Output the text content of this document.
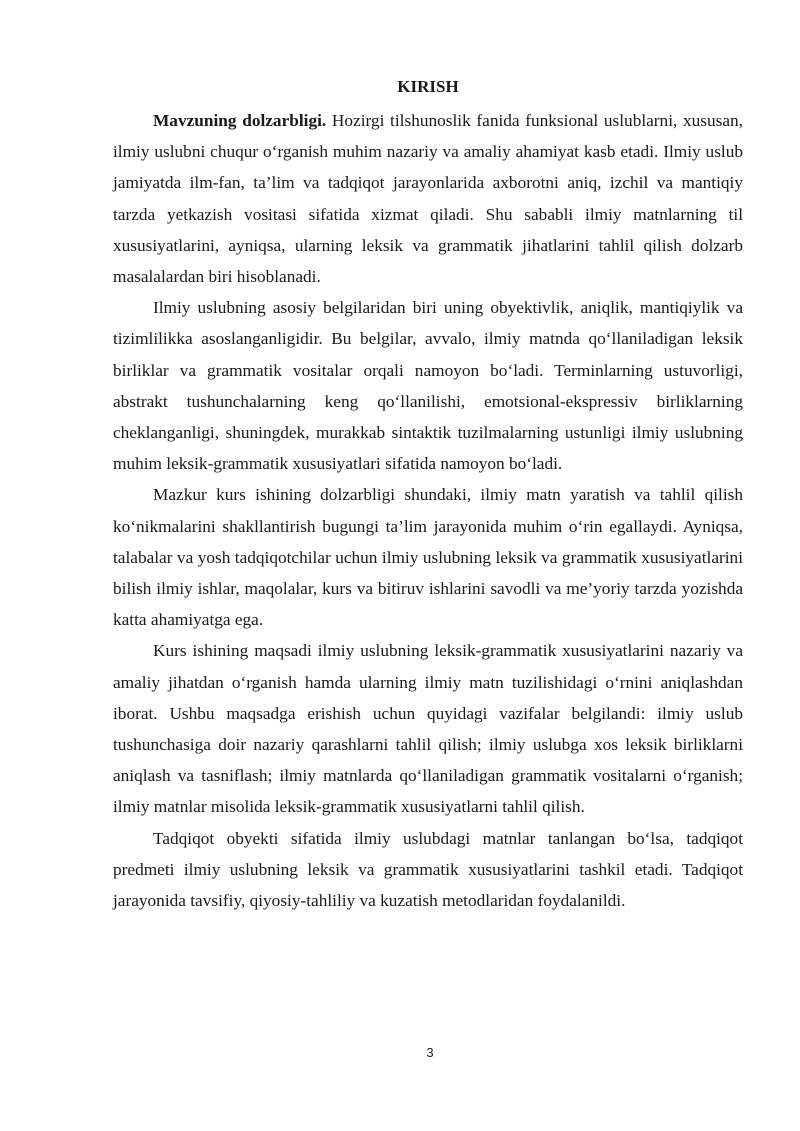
KIRISH

Mavzuning dolzarbligi. Hozirgi tilshunoslik fanida funksional uslublarni, xususan, ilmiy uslubni chuqur o‘rganish muhim nazariy va amaliy ahamiyat kasb etadi. Ilmiy uslub jamiyatda ilm-fan, ta’lim va tadqiqot jarayonlarida axborotni aniq, izchil va mantiqiy tarzda yetkazish vositasi sifatida xizmat qiladi. Shu sababli ilmiy matnlarning til xususiyatlarini, ayniqsa, ularning leksik va grammatik jihatlarini tahlil qilish dolzarb masalalardan biri hisoblanadi.

Ilmiy uslubning asosiy belgilaridan biri uning obyektivlik, aniqlik, mantiqiylik va tizimlilikka asoslanganligidir. Bu belgilar, avvalo, ilmiy matnda qo‘llaniladigan leksik birliklar va grammatik vositalar orqali namoyon bo‘ladi. Terminlarning ustuvorligi, abstrakt tushunchalarning keng qo‘llanilishi, emotsional-ekspressiv birliklarning cheklanganligi, shuningdek, murakkab sintaktik tuzilmalarning ustunligi ilmiy uslubning muhim leksik-grammatik xususiyatlari sifatida namoyon bo‘ladi.

Mazkur kurs ishining dolzarbligi shundaki, ilmiy matn yaratish va tahlil qilish ko‘nikmalarini shakllantirish bugungi ta’lim jarayonida muhim o‘rin egallaydi. Ayniqsa, talabalar va yosh tadqiqotchilar uchun ilmiy uslubning leksik va grammatik xususiyatlarini bilish ilmiy ishlar, maqolalar, kurs va bitiruv ishlarini savodli va me’yoriy tarzda yozishda katta ahamiyatga ega.

Kurs ishining maqsadi ilmiy uslubning leksik-grammatik xususiyatlarini nazariy va amaliy jihatdan o‘rganish hamda ularning ilmiy matn tuzilishidagi o‘rnini aniqlashdan iborat. Ushbu maqsadga erishish uchun quyidagi vazifalar belgilandi: ilmiy uslub tushunchasiga doir nazariy qarashlarni tahlil qilish; ilmiy uslubga xos leksik birliklarni aniqlash va tasniflash; ilmiy matnlarda qo‘llaniladigan grammatik vositalarni o‘rganish; ilmiy matnlar misolida leksik-grammatik xususiyatlarni tahlil qilish.

Tadqiqot obyekti sifatida ilmiy uslubdagi matnlar tanlangan bo‘lsa, tadqiqot predmeti ilmiy uslubning leksik va grammatik xususiyatlarini tashkil etadi. Tadqiqot jarayonida tavsifiy, qiyosiy-tahliliy va kuzatish metodlaridan foydalanildi.

3
